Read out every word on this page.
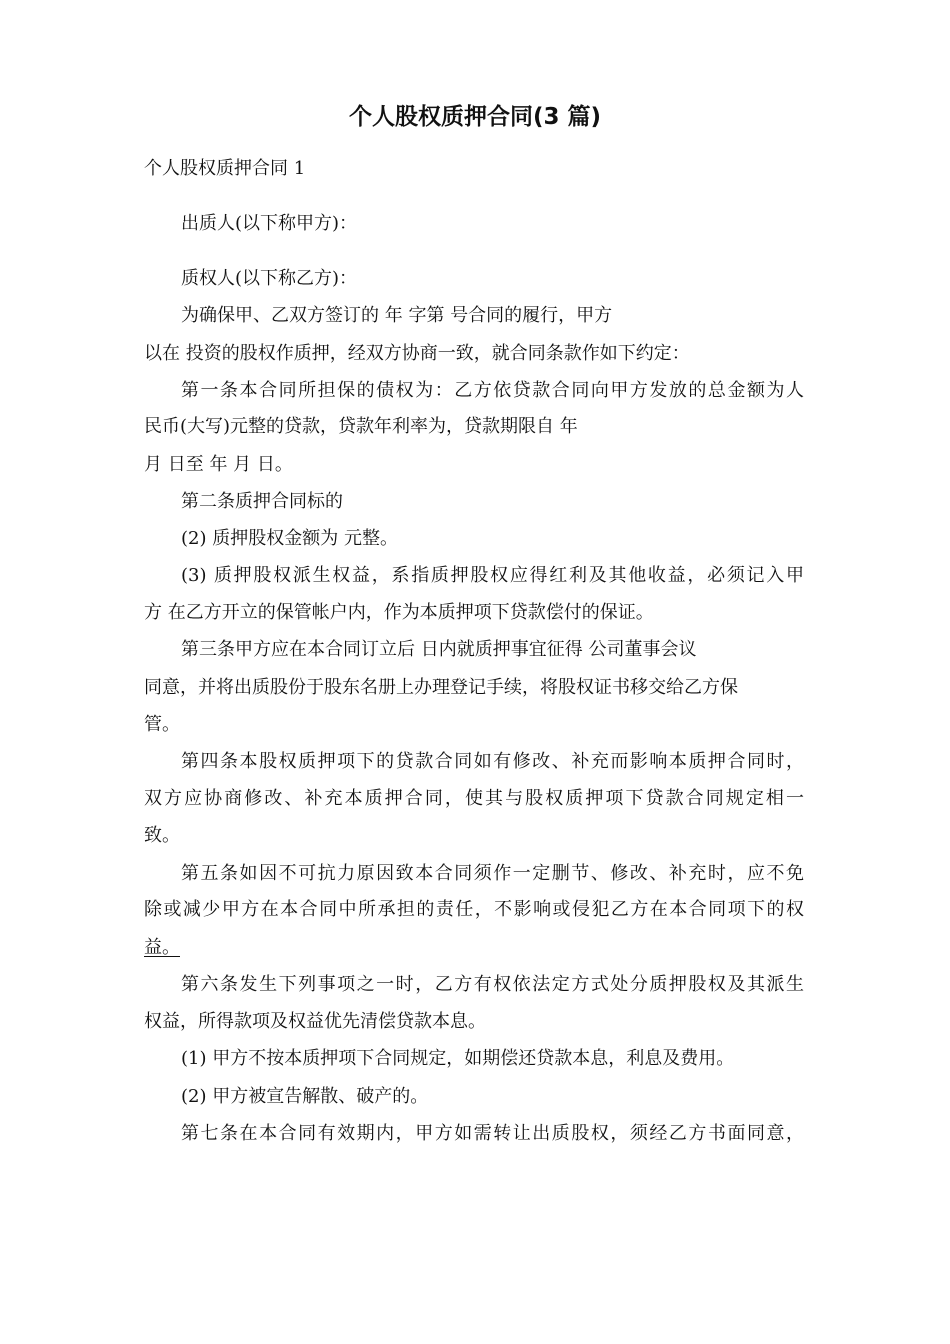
个人股权质押合同(3 篇)
个人股权质押合同 1
出质人(以下称甲方)：
质权人(以下称乙方)：
为确保甲、乙双方签订的 年 字第 号合同的履行，甲方
以在 投资的股权作质押，经双方协商一致，就合同条款作如下约定：
第一条本合同所担保的债权为：乙方依贷款合同向甲方发放的总金额为人
民币(大写)元整的贷款，贷款年利率为，贷款期限自 年
月 日至 年 月 日。
第二条质押合同标的
(2) 质押股权金额为 元整。
(3) 质押股权派生权益，系指质押股权应得红利及其他收益，必须记入甲
方 在乙方开立的保管帐户内，作为本质押项下贷款偿付的保证。
第三条甲方应在本合同订立后 日内就质押事宜征得 公司董事会议
同意，并将出质股份于股东名册上办理登记手续，将股权证书移交给乙方保
管。
第四条本股权质押项下的贷款合同如有修改、补充而影响本质押合同时，
双方应协商修改、补充本质押合同，使其与股权质押项下贷款合同规定相一
致。
第五条如因不可抗力原因致本合同须作一定删节、修改、补充时，应不免
除或减少甲方在本合同中所承担的责任，不影响或侵犯乙方在本合同项下的权
益。
第六条发生下列事项之一时，乙方有权依法定方式处分质押股权及其派生
权益，所得款项及权益优先清偿贷款本息。
(1) 甲方不按本质押项下合同规定，如期偿还贷款本息，利息及费用。
(2) 甲方被宣告解散、破产的。
第七条在本合同有效期内，甲方如需转让出质股权，须经乙方书面同意，
